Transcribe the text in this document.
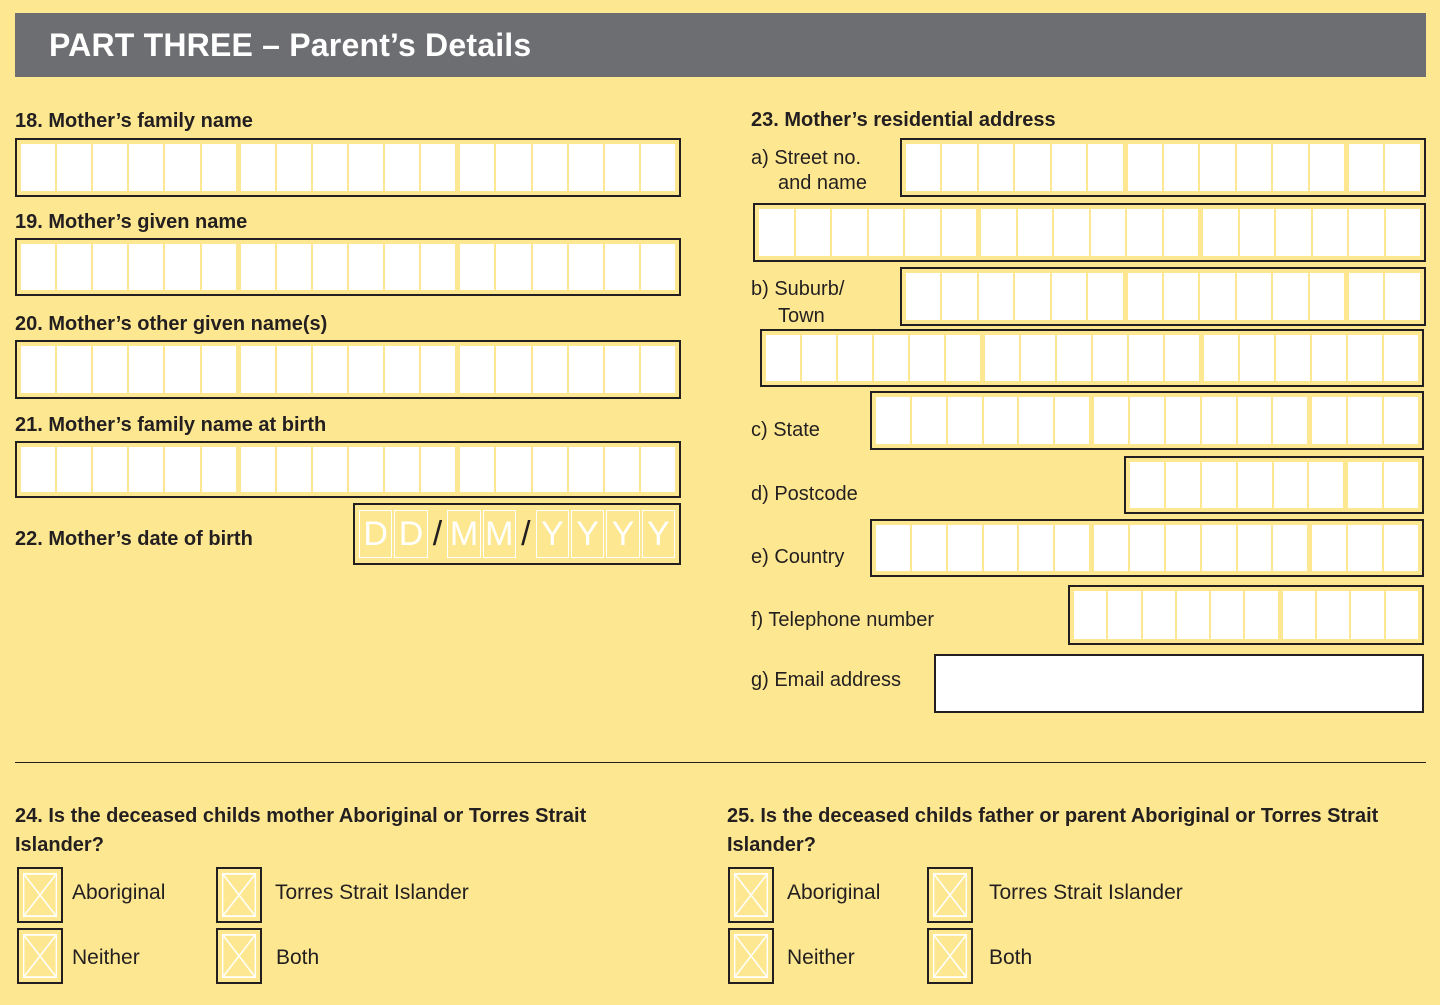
PART THREE – Parent’s Details
18. Mother’s family name
19. Mother’s given name
20. Mother’s other given name(s)
21. Mother’s family name at birth
22. Mother’s date of birth	D D / M M / Y Y Y Y
23. Mother’s residential address
a) Street no.
and name
b) Suburb/
Town
c) State
d) Postcode
e) Country
f) Telephone number
g) Email address
24. Is the deceased childs mother Aboriginal or Torres Strait Islander?
Aboriginal	Torres Strait Islander
Neither	Both
25. Is the deceased childs father or parent Aboriginal or Torres Strait Islander?
Aboriginal	Torres Strait Islander
Neither	Both
